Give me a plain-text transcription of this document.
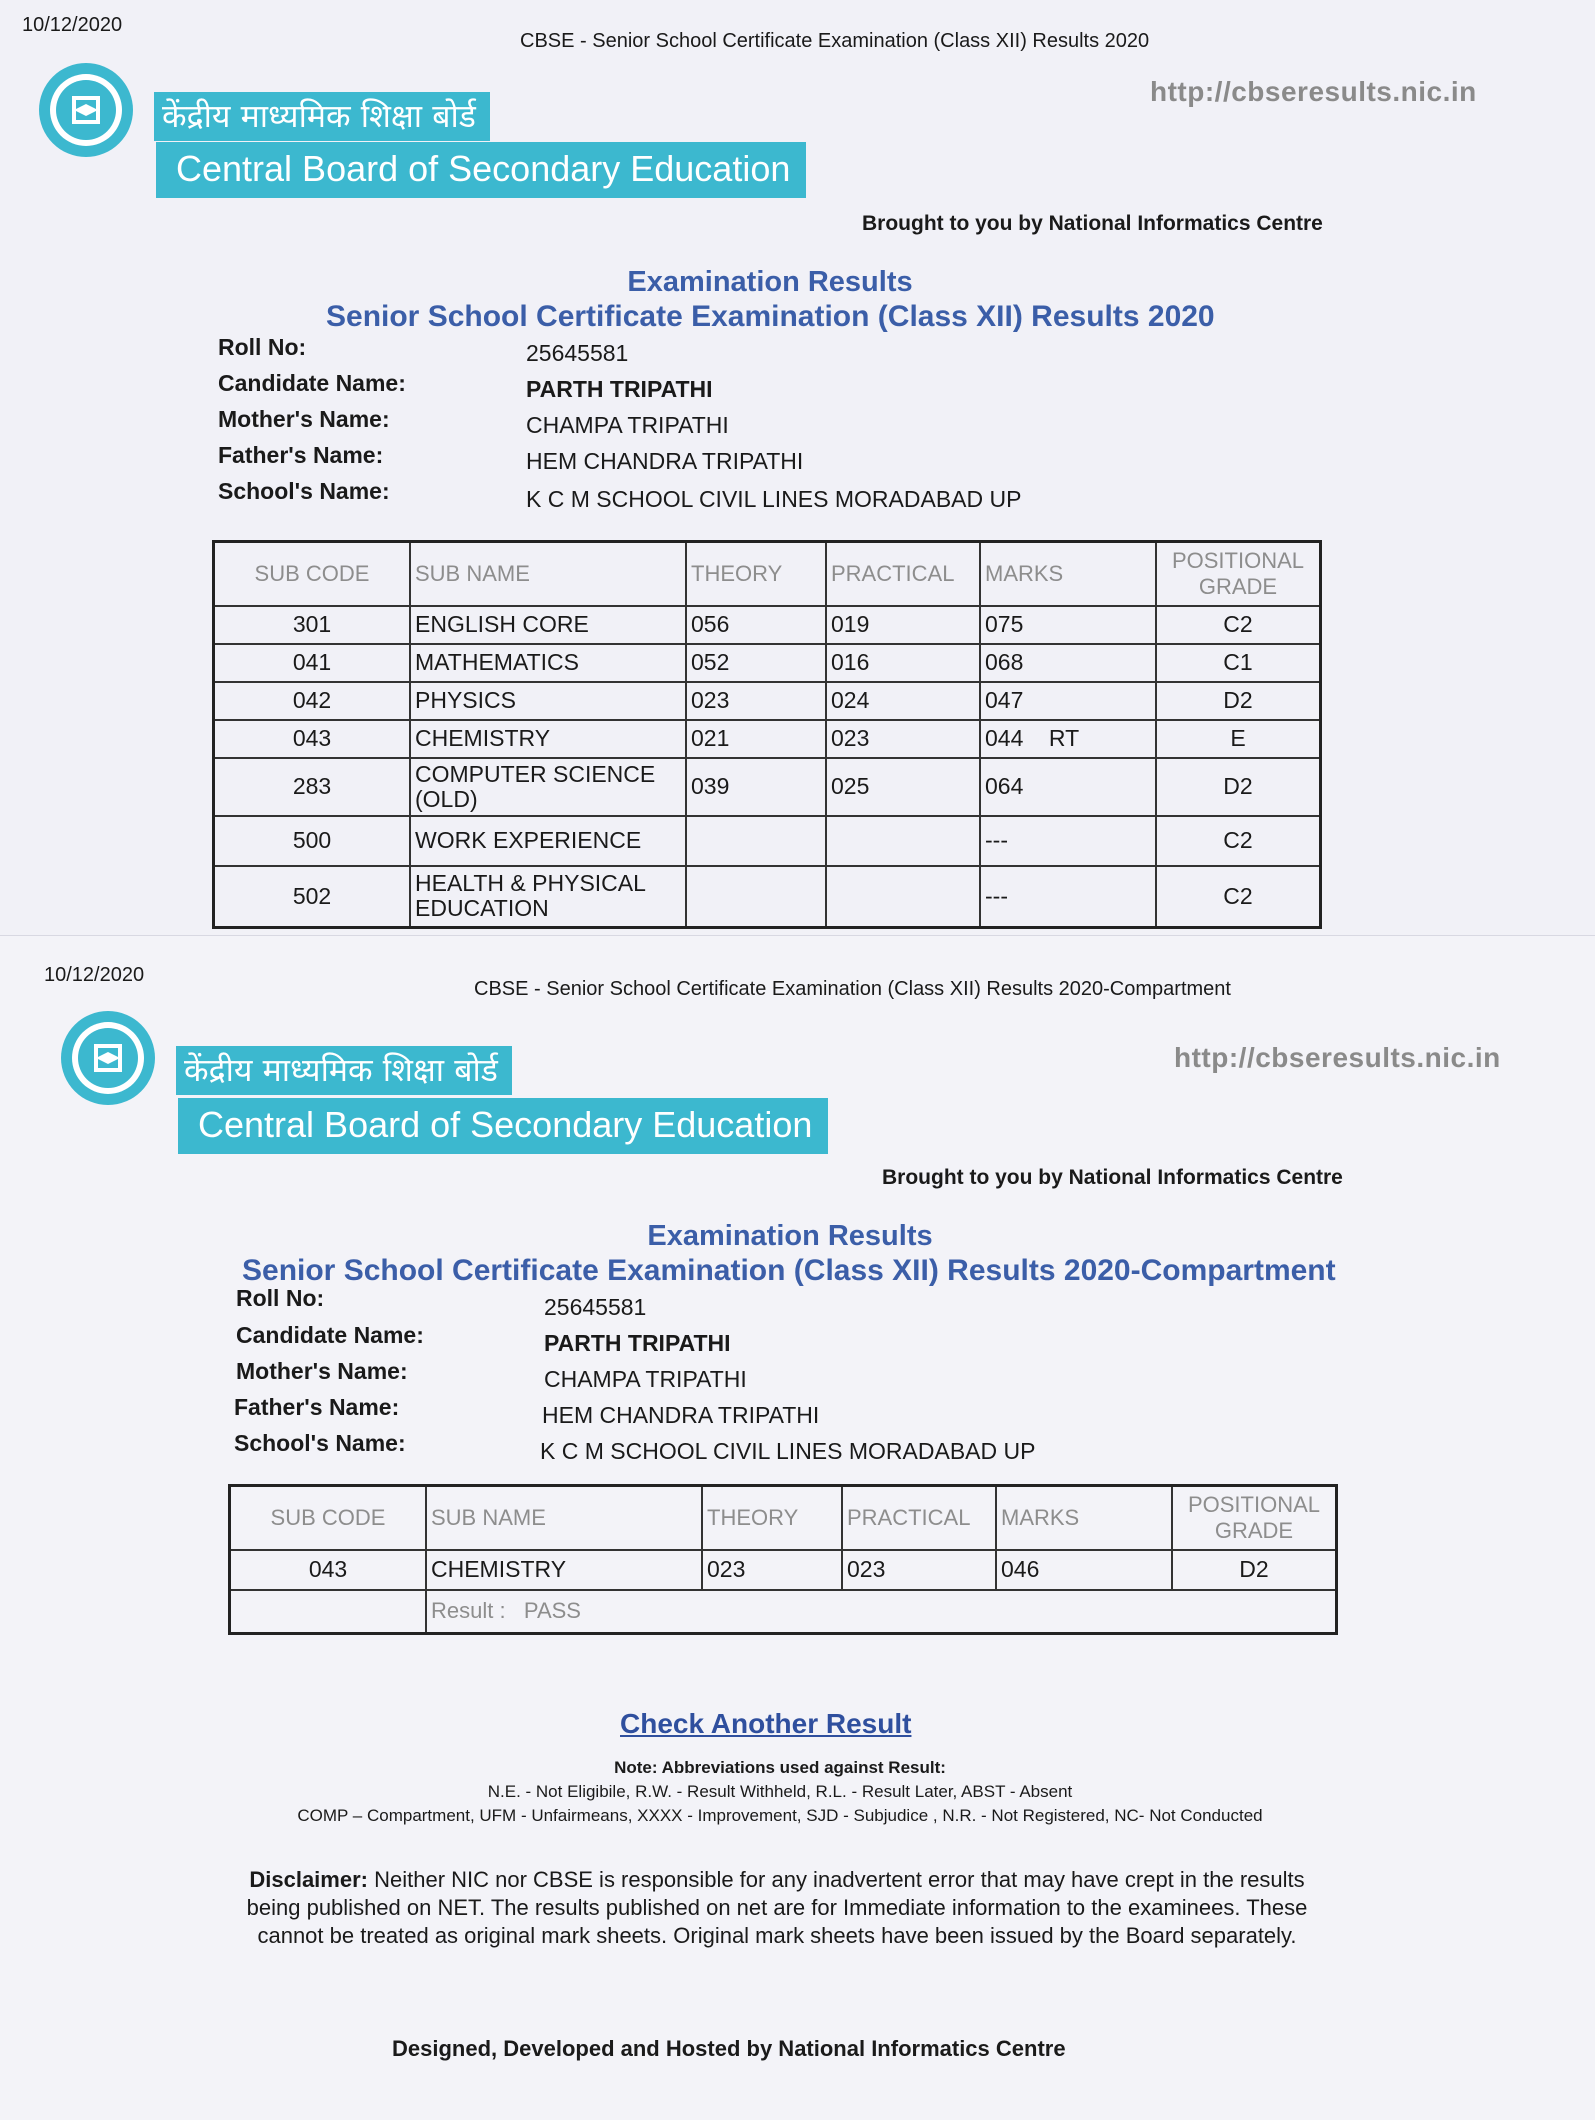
10/12/2020
CBSE - Senior School Certificate Examination (Class XII) Results 2020
http://cbseresults.nic.in
केंद्रीय माध्यमिक शिक्षा बोर्ड
Central Board of Secondary Education
Brought to you by National Informatics Centre
Examination Results
Senior School Certificate Examination (Class XII) Results 2020
Roll No:	25645581
Candidate Name:	PARTH TRIPATHI
Mother's Name:	CHAMPA TRIPATHI
Father's Name:	HEM CHANDRA TRIPATHI
School's Name:	K C M SCHOOL CIVIL LINES MORADABAD UP
SUB CODE	SUB NAME	THEORY	PRACTICAL	MARKS	POSITIONAL
GRADE
301	ENGLISH CORE	056	019	075	C2
041	MATHEMATICS	052	016	068	C1
042	PHYSICS	023	024	047	D2
043	CHEMISTRY	021	023	044    RT	E
283	COMPUTER SCIENCE
(OLD)	039	025	064	D2
500	WORK EXPERIENCE			---	C2
502	HEALTH & PHYSICAL
EDUCATION			---	C2
10/12/2020
CBSE - Senior School Certificate Examination (Class XII) Results 2020-Compartment
http://cbseresults.nic.in
केंद्रीय माध्यमिक शिक्षा बोर्ड
Central Board of Secondary Education
Brought to you by National Informatics Centre
Examination Results
Senior School Certificate Examination (Class XII) Results 2020-Compartment
Roll No:	25645581
Candidate Name:	PARTH TRIPATHI
Mother's Name:	CHAMPA TRIPATHI
Father's Name:	HEM CHANDRA TRIPATHI
School's Name:	K C M SCHOOL CIVIL LINES MORADABAD UP
SUB CODE	SUB NAME	THEORY	PRACTICAL	MARKS	POSITIONAL
GRADE
043	CHEMISTRY	023	023	046	D2
	Result :   PASS				
Check Another Result
Note: Abbreviations used against Result:
N.E. - Not Eligibile, R.W. - Result Withheld, R.L. - Result Later, ABST - Absent
COMP – Compartment, UFM - Unfairmeans, XXXX - Improvement, SJD - Subjudice , N.R. - Not Registered, NC- Not Conducted
Disclaimer: Neither NIC nor CBSE is responsible for any inadvertent error that may have crept in the results being published on NET. The results published on net are for Immediate information to the examinees. These cannot be treated as original mark sheets. Original mark sheets have been issued by the Board separately.
Designed, Developed and Hosted by National Informatics Centre
